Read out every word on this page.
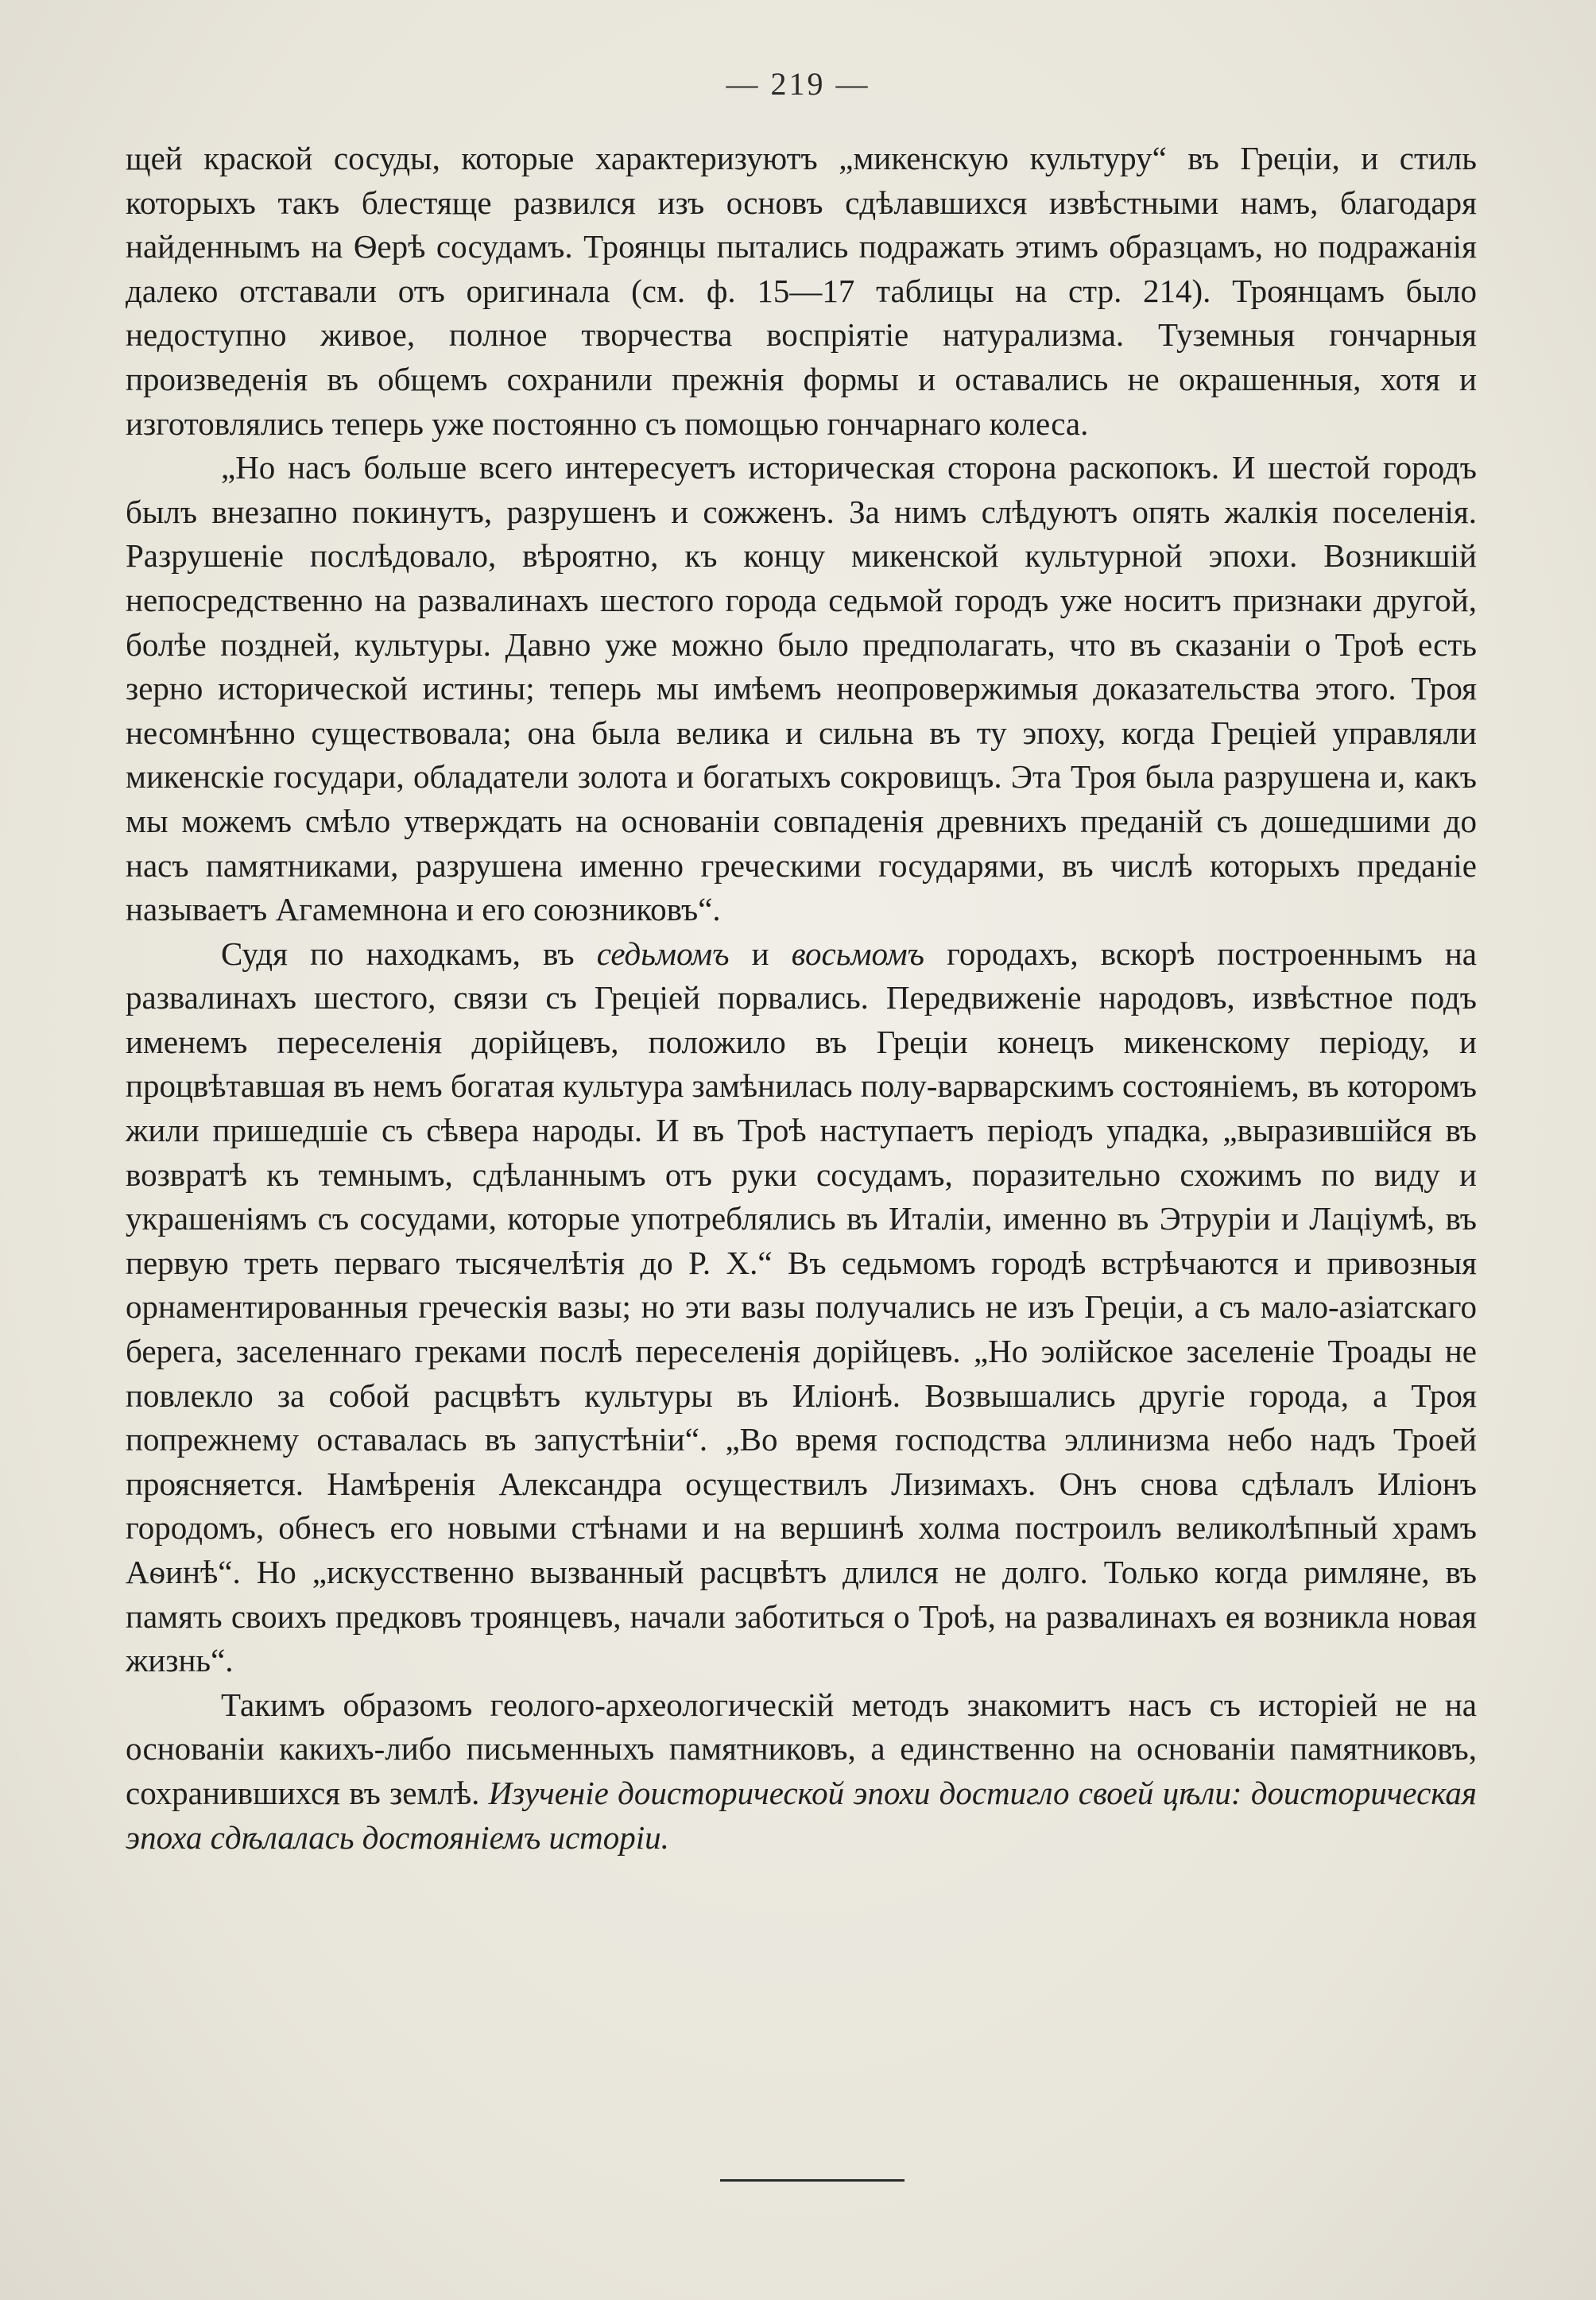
— 219 —

щей краской сосуды, которые характеризуютъ „микенскую культуру“ въ Грецiи, и стиль которыхъ такъ блестяще развился изъ основъ сдѣлавшихся извѣстными намъ, благодаря найденнымъ на Ѳерѣ сосудамъ. Троянцы пытались подражать этимъ образцамъ, но подражанiя далеко отставали отъ оригинала (см. ф. 15—17 таблицы на стр. 214). Троянцамъ было недоступно живое, полное творчества воспрiятiе натурализма. Туземныя гончарныя произведенiя въ общемъ сохранили прежнiя формы и оставались не окрашенныя, хотя и изготовлялись теперь уже постоянно съ помощью гончарнаго колеса.

„Но насъ больше всего интересуетъ историческая сторона раскопокъ. И шестой городъ былъ внезапно покинутъ, разрушенъ и сожженъ. За нимъ слѣдуютъ опять жалкiя поселенiя. Разрушенiе послѣдовало, вѣроятно, къ концу микенской культурной эпохи. Возникшiй непосредственно на развалинахъ шестого города седьмой городъ уже носитъ признаки другой, болѣе поздней, культуры. Давно уже можно было предполагать, что въ сказанiи о Троѣ есть зерно исторической истины; теперь мы имѣемъ неопровержимыя доказательства этого. Троя несомнѣнно существовала; она была велика и сильна въ ту эпоху, когда Грецiей управляли микенскiе государи, обладатели золота и богатыхъ сокровищъ. Эта Троя была разрушена и, какъ мы можемъ смѣло утверждать на основанiи совпаденiя древнихъ преданiй съ дошедшими до насъ памятниками, разрушена именно греческими государями, въ числѣ которыхъ преданiе называетъ Агамемнона и его союзниковъ“.

Судя по находкамъ, въ седьмомъ и восьмомъ городахъ, вскорѣ построеннымъ на развалинахъ шестого, связи съ Грецiей порвались. Передвиженiе народовъ, извѣстное подъ именемъ переселенiя дорiйцевъ, положило въ Грецiи конецъ микенскому перiоду, и процвѣтавшая въ немъ богатая культура замѣнилась полу-варварскимъ состоянiемъ, въ которомъ жили пришедшiе съ сѣвера народы. И въ Троѣ наступаетъ перiодъ упадка, „выразившiйся въ возвратѣ къ темнымъ, сдѣланнымъ отъ руки сосудамъ, поразительно схожимъ по виду и украшенiямъ съ сосудами, которые употреблялись въ Италiи, именно въ Этрурiи и Лацiумѣ, въ первую треть перваго тысячелѣтiя до Р. Х.“ Въ седьмомъ городѣ встрѣчаются и привозныя орнаментированныя греческiя вазы; но эти вазы получались не изъ Грецiи, а съ мало-азiатскаго берега, заселеннаго греками послѣ переселенiя дорiйцевъ. „Но эолiйское заселенiе Троады не повлекло за собой расцвѣтъ культуры въ Илiонѣ. Возвышались другiе города, а Троя попрежнему оставалась въ запустѣнiи“. „Во время господства эллинизма небо надъ Троей проясняется. Намѣренiя Александра осуществилъ Лизимахъ. Онъ снова сдѣлалъ Илiонъ городомъ, обнесъ его новыми стѣнами и на вершинѣ холма построилъ великолѣпный храмъ Аѳинѣ“. Но „искусственно вызванный расцвѣтъ длился не долго. Только когда римляне, въ память своихъ предковъ троянцевъ, начали заботиться о Троѣ, на развалинахъ ея возникла новая жизнь“.

Такимъ образомъ геолого-археологическiй методъ знакомитъ насъ съ исторiей не на основанiи какихъ-либо письменныхъ памятниковъ, а единственно на основанiи памятниковъ, сохранившихся въ землѣ. Изученiе доисторической эпохи достигло своей цѣли: доисторическая эпоха сдѣлалась достоянiемъ исторiи.
